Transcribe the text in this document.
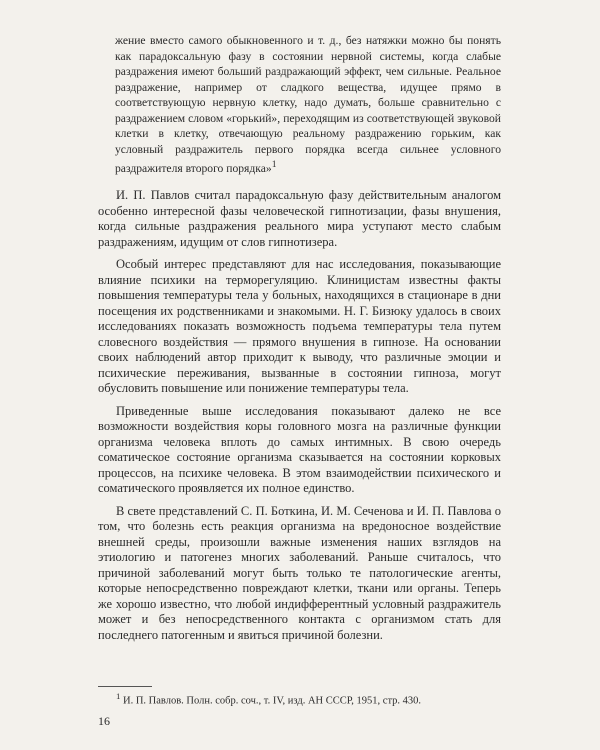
жение вместо самого обыкновенного и т. д., без натяжки можно бы понять как парадоксальную фазу в состоянии нервной системы, когда слабые раздражения имеют больший раздражающий эффект, чем сильные. Реальное раздражение, например от сладкого вещества, идущее прямо в соответствующую нервную клетку, надо думать, больше сравнительно с раздражением словом «горький», переходящим из соответствующей звуковой клетки в клетку, отвечающую реальному раздражению горьким, как условный раздражитель первого порядка всегда сильнее условного раздражителя второго порядка»$^1$

И. П. Павлов считал парадоксальную фазу действительным аналогом особенно интересной фазы человеческой гипнотизации, фазы внушения, когда сильные раздражения реального мира уступают место слабым раздражениям, идущим от слов гипнотизера.

Особый интерес представляют для нас исследования, показывающие влияние психики на терморегуляцию. Клиницистам известны факты повышения температуры тела у больных, находящихся в стационаре в дни посещения их родственниками и знакомыми. Н. Г. Бизюку удалось в своих исследованиях показать возможность подъема температуры тела путем словесного воздействия — прямого внушения в гипнозе. На основании своих наблюдений автор приходит к выводу, что различные эмоции и психические переживания, вызванные в состоянии гипноза, могут обусловить повышение или понижение температуры тела.

Приведенные выше исследования показывают далеко не все возможности воздействия коры головного мозга на различные функции организма человека вплоть до самых интимных. В свою очередь соматическое состояние организма сказывается на состоянии корковых процессов, на психике человека. В этом взаимодействии психического и соматического проявляется их полное единство.

В свете представлений С. П. Боткина, И. М. Сеченова и И. П. Павлова о том, что болезнь есть реакция организма на вредоносное воздействие внешней среды, произошли важные изменения наших взглядов на этиологию и патогенез многих заболеваний. Раньше считалось, что причиной заболеваний могут быть только те патологические агенты, которые непосредственно повреждают клетки, ткани или органы. Теперь же хорошо известно, что любой индифферентный условный раздражитель может и без непосредственного контакта с организмом стать для последнего патогенным и явиться причиной болезни.

$^1$ И. П. Павлов. Полн. собр. соч., т. IV, изд. АН СССР, 1951, стр. 430.
16
